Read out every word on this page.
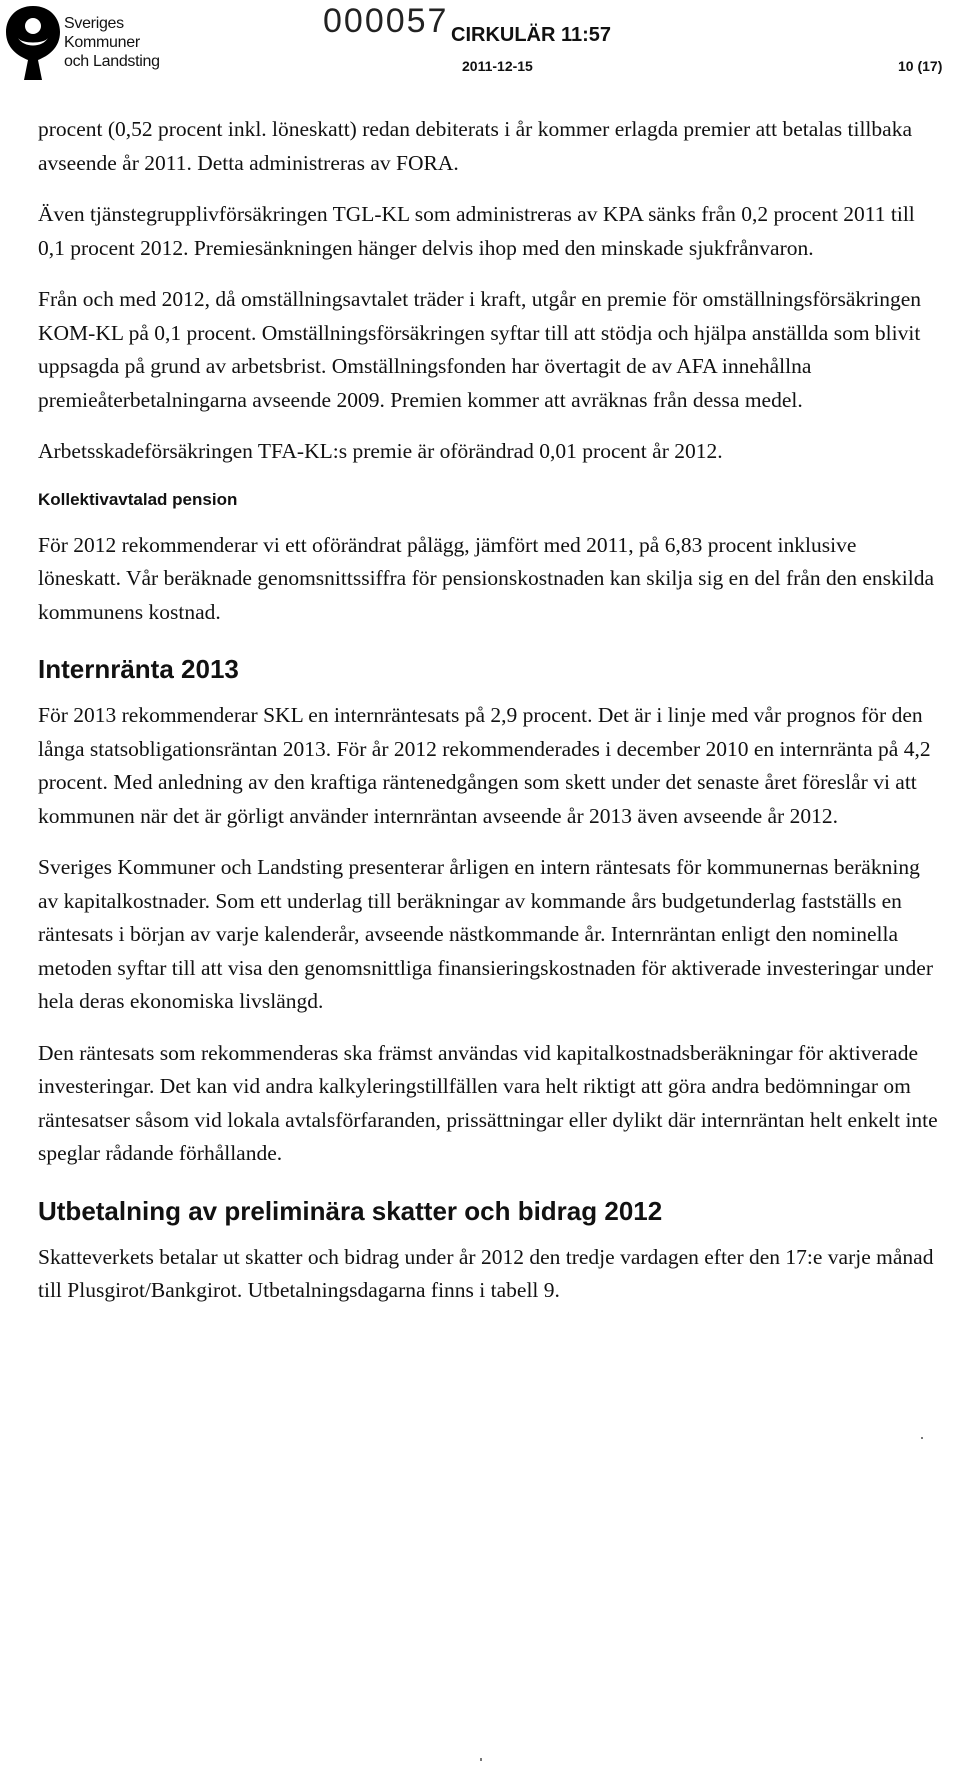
Sveriges
Kommuner
och Landsting
000057 CIRKULÄR 11:57
2011-12-15	10 (17)

procent (0,52 procent inkl. löneskatt) redan debiterats i år kommer erlagda premier att betalas tillbaka avseende år 2011. Detta administreras av FORA.

Även tjänstegrupplivförsäkringen TGL-KL som administreras av KPA sänks från 0,2 procent 2011 till 0,1 procent 2012. Premiesänkningen hänger delvis ihop med den minskade sjukfrånvaron.

Från och med 2012, då omställningsavtalet träder i kraft, utgår en premie för omställningsförsäkringen KOM-KL på 0,1 procent. Omställningsförsäkringen syftar till att stödja och hjälpa anställda som blivit uppsagda på grund av arbetsbrist. Omställningsfonden har övertagit de av AFA innehållna premieåterbetalningarna avseende 2009. Premien kommer att avräknas från dessa medel.

Arbetsskadeförsäkringen TFA-KL:s premie är oförändrad 0,01 procent år 2012.

Kollektivavtalad pension

För 2012 rekommenderar vi ett oförändrat pålägg, jämfört med 2011, på 6,83 procent inklusive löneskatt. Vår beräknade genomsnittssiffra för pensionskostnaden kan skilja sig en del från den enskilda kommunens kostnad.

Internränta 2013

För 2013 rekommenderar SKL en internräntesats på 2,9 procent. Det är i linje med vår prognos för den långa statsobligationsräntan 2013. För år 2012 rekommenderades i december 2010 en internränta på 4,2 procent. Med anledning av den kraftiga räntenedgången som skett under det senaste året föreslår vi att kommunen när det är görligt använder internräntan avseende år 2013 även avseende år 2012.

Sveriges Kommuner och Landsting presenterar årligen en intern räntesats för kommunernas beräkning av kapitalkostnader. Som ett underlag till beräkningar av kommande års budgetunderlag fastställs en räntesats i början av varje kalenderår, avseende nästkommande år. Internräntan enligt den nominella metoden syftar till att visa den genomsnittliga finansieringskostnaden för aktiverade investeringar under hela deras ekonomiska livslängd.

Den räntesats som rekommenderas ska främst användas vid kapitalkostnadsberäkningar för aktiverade investeringar. Det kan vid andra kalkyleringstillfällen vara helt riktigt att göra andra bedömningar om räntesatser såsom vid lokala avtalsförfaranden, prissättningar eller dylikt där internräntan helt enkelt inte speglar rådande förhållande.

Utbetalning av preliminära skatter och bidrag 2012

Skatteverkets betalar ut skatter och bidrag under år 2012 den tredje vardagen efter den 17:e varje månad till Plusgirot/Bankgirot. Utbetalningsdagarna finns i tabell 9.
